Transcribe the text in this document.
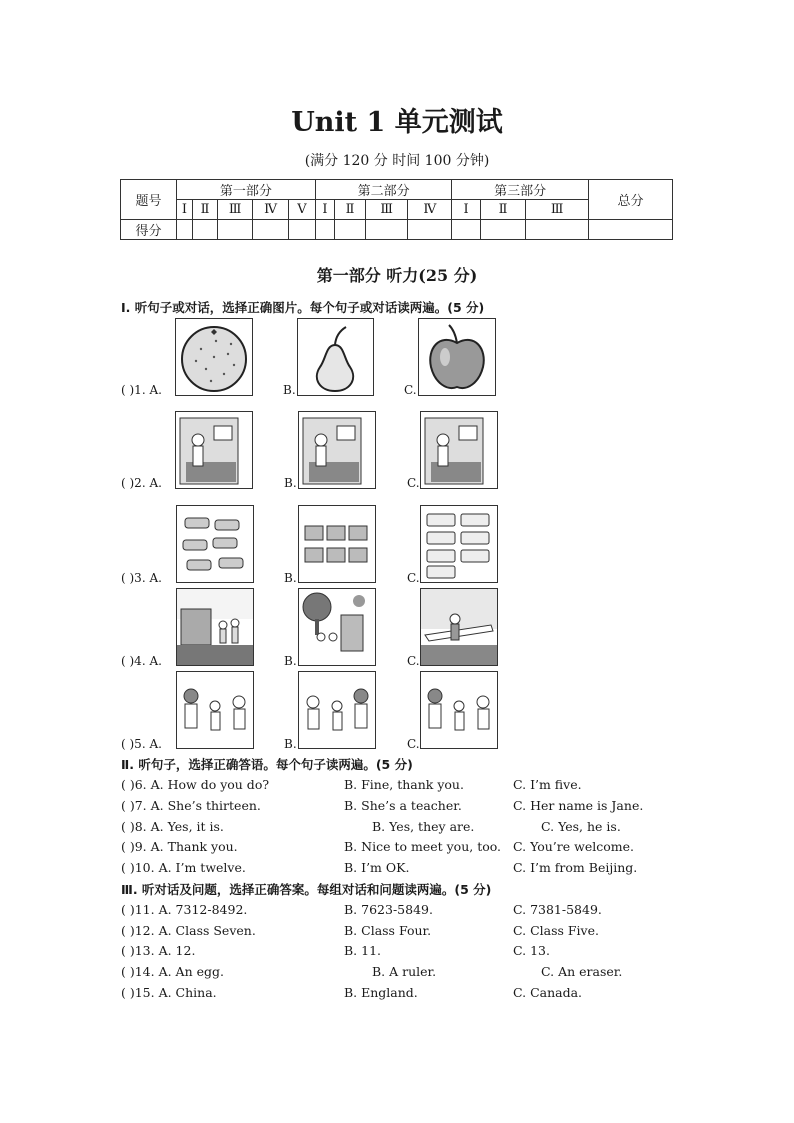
Unit 1 单元测试
(满分 120 分 时间 100 分钟)
题号	第一部分					第二部分				第三部分			总分
	Ⅰ	Ⅱ	Ⅲ	Ⅳ	Ⅴ	Ⅰ	Ⅱ	Ⅲ	Ⅳ	Ⅰ	Ⅱ	Ⅲ	
得分													
第一部分 听力(25 分)
Ⅰ. 听句子或对话，选择正确图片。每个句子或对话读两遍。(5 分)
( )1. A.	B.	C.
( )2. A.	B.	C.
( )3. A.	B.	C.
( )4. A.	B.	C.
( )5. A.	B.	C.
Ⅱ. 听句子，选择正确答语。每个句子读两遍。(5 分)
( )6. A. How do you do?	B. Fine, thank you.	C. I’m five.
( )7. A. She’s thirteen.	B. She’s a teacher.	C. Her name is Jane.
( )8. A. Yes, it is.	B. Yes, they are.	C. Yes, he is.
( )9. A. Thank you.	B. Nice to meet you, too. C. You’re welcome.
( )10. A. I’m twelve.	B. I’m OK.	C. I’m from Beijing.
Ⅲ. 听对话及问题，选择正确答案。每组对话和问题读两遍。(5 分)
( )11. A. 7312-8492.	B. 7623-5849.	C. 7381-5849.
( )12. A. Class Seven.	B. Class Four.	C. Class Five.
( )13. A. 12.	B. 11.	C. 13.
( )14. A. An egg.	B. A ruler.	C. An eraser.
( )15. A. China.	B. England.	C. Canada.
